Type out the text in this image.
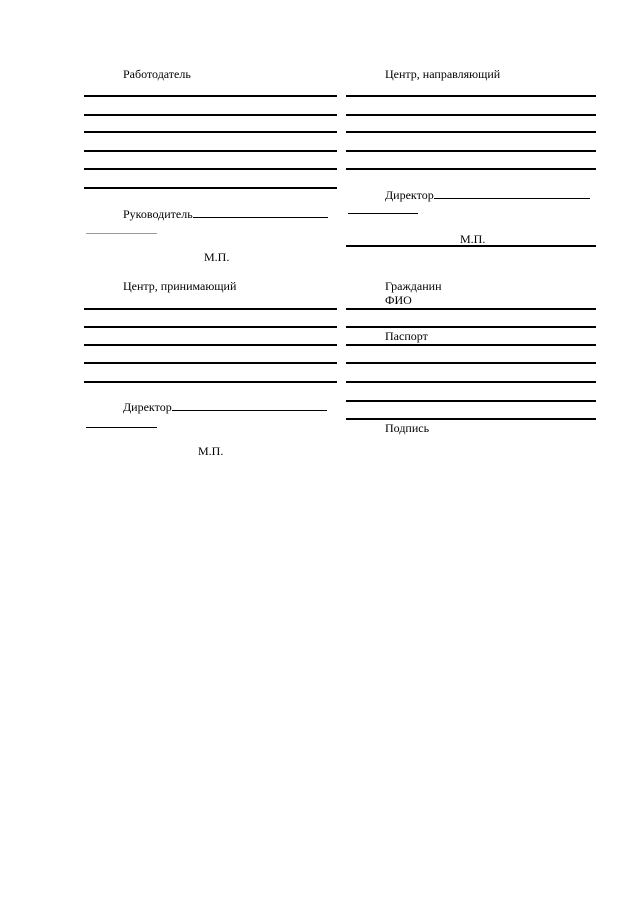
Работодатель
Руководитель
М.П.
Центр, направляющий
Директор
М.П.
Центр, принимающий
Директор
М.П.
Гражданин
ФИО
Паспорт
Подпись
